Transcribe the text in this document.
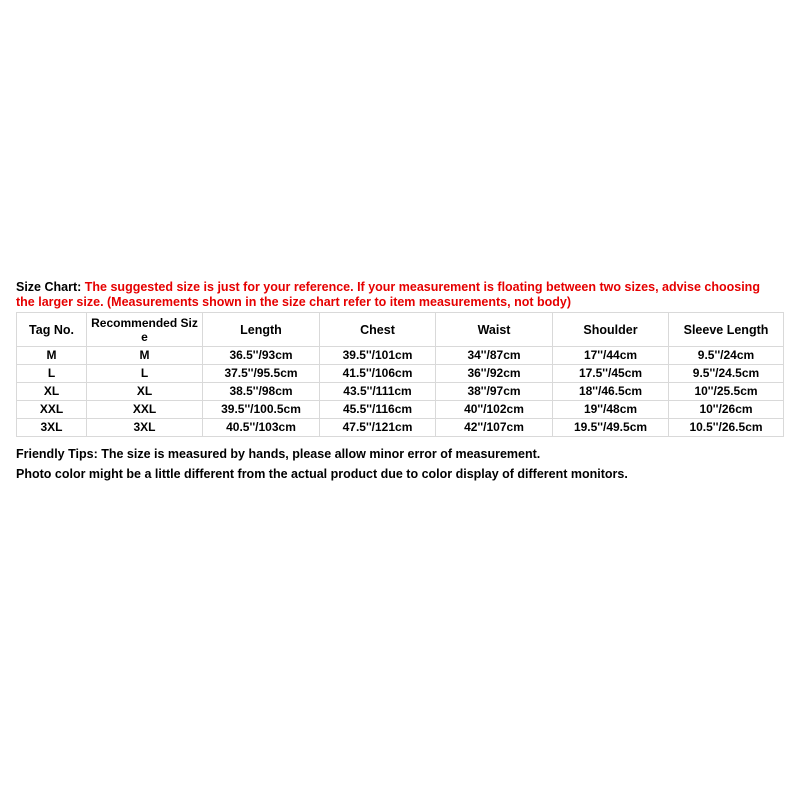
Size Chart: The suggested size is just for your reference. If your measurement is floating between two sizes, advise choosing
the larger size. (Measurements shown in the size chart refer to item measurements, not body)
Tag No.	Recommended Size	Length	Chest	Waist	Shoulder	Sleeve Length
M	M	36.5''/93cm	39.5''/101cm	34''/87cm	17''/44cm	9.5''/24cm
L	L	37.5''/95.5cm	41.5''/106cm	36''/92cm	17.5''/45cm	9.5''/24.5cm
XL	XL	38.5''/98cm	43.5''/111cm	38''/97cm	18''/46.5cm	10''/25.5cm
XXL	XXL	39.5''/100.5cm	45.5''/116cm	40''/102cm	19''/48cm	10''/26cm
3XL	3XL	40.5''/103cm	47.5''/121cm	42''/107cm	19.5''/49.5cm	10.5''/26.5cm
Friendly Tips: The size is measured by hands, please allow minor error of measurement.
Photo color might be a little different from the actual product due to color display of different monitors.
